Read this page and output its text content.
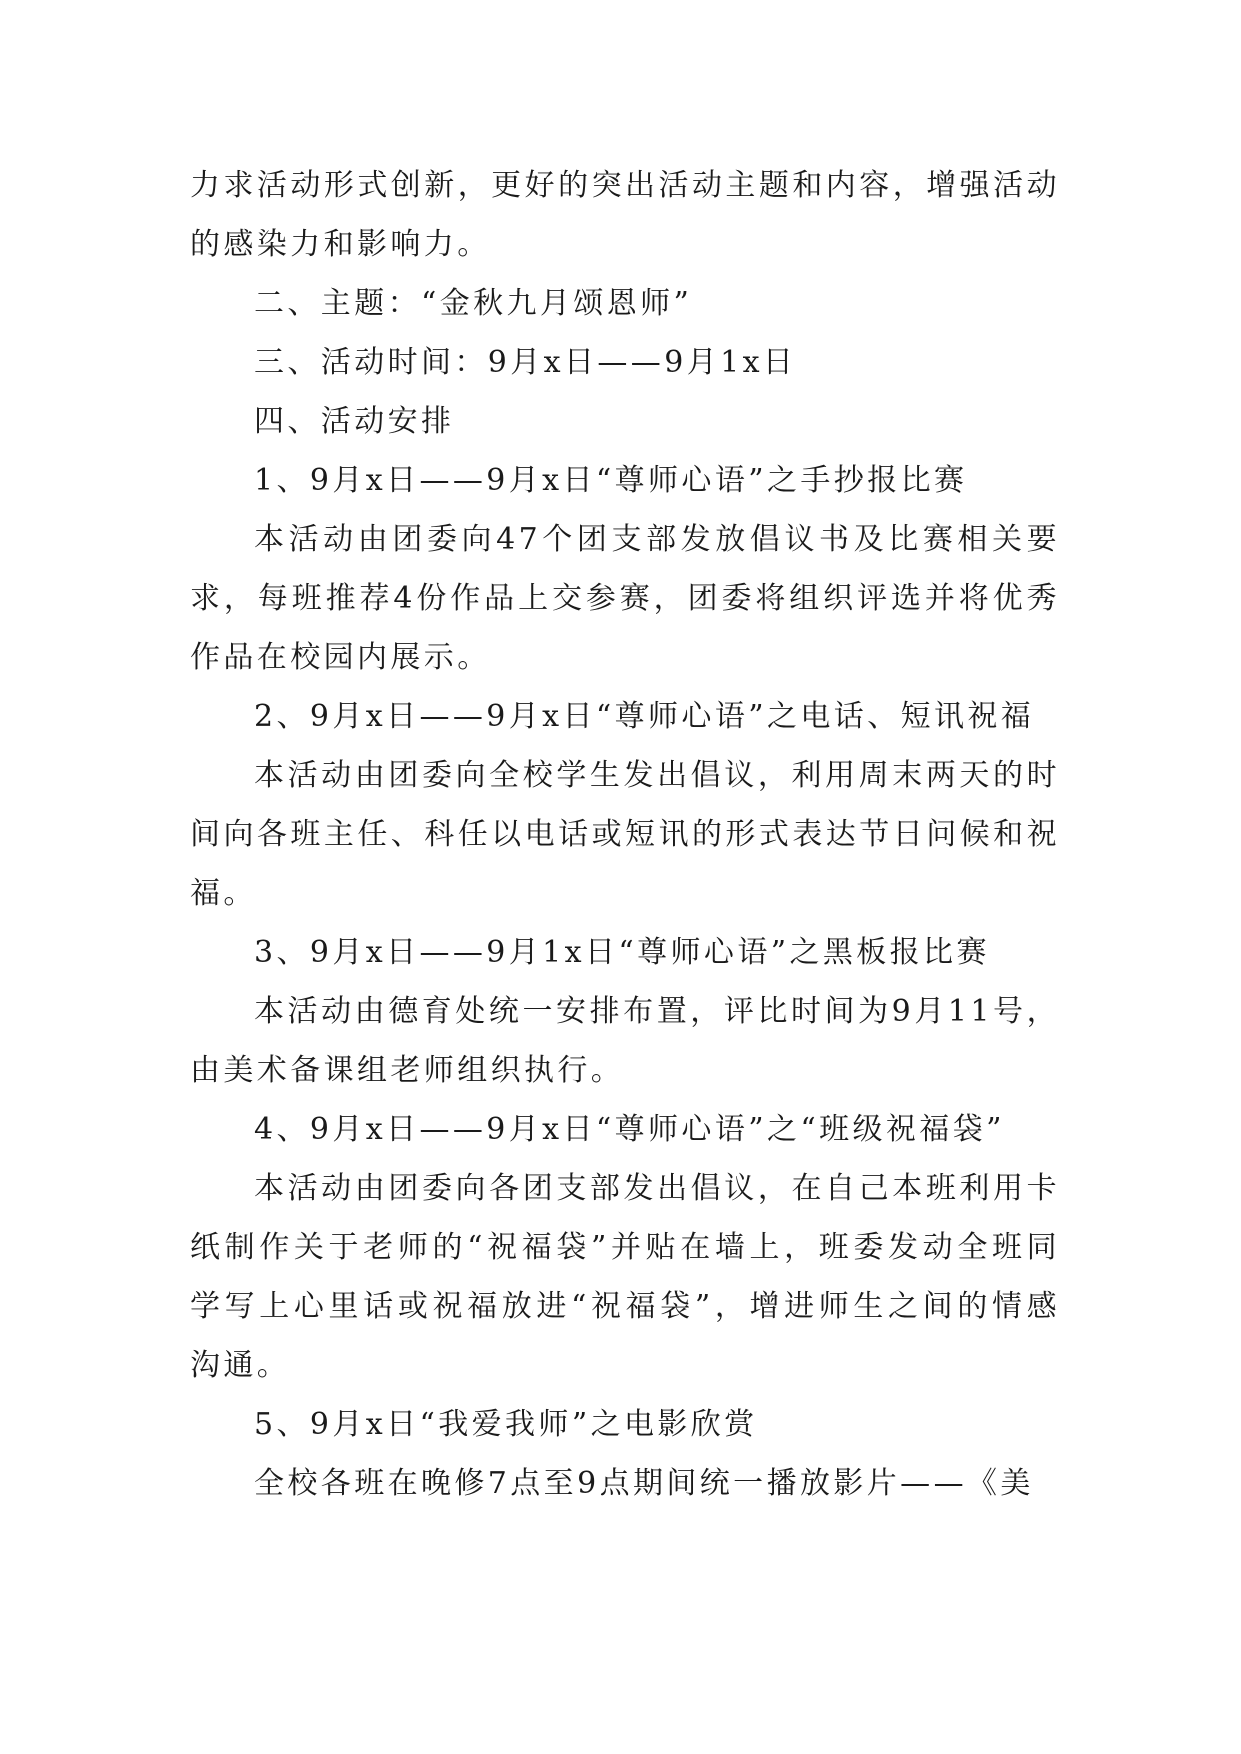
力求活动形式创新，更好的突出活动主题和内容，增强活动的感染力和影响力。

二、主题：“金秋九月颂恩师”

三、活动时间：9月x日——9月1x日

四、活动安排

1、9月x日——9月x日“尊师心语”之手抄报比赛

本活动由团委向47个团支部发放倡议书及比赛相关要求，每班推荐4份作品上交参赛，团委将组织评选并将优秀作品在校园内展示。

2、9月x日——9月x日“尊师心语”之电话、短讯祝福

本活动由团委向全校学生发出倡议，利用周末两天的时间向各班主任、科任以电话或短讯的形式表达节日问候和祝福。

3、9月x日——9月1x日“尊师心语”之黑板报比赛

本活动由德育处统一安排布置，评比时间为9月11号，由美术备课组老师组织执行。

4、9月x日——9月x日“尊师心语”之“班级祝福袋”

本活动由团委向各团支部发出倡议，在自己本班利用卡纸制作关于老师的“祝福袋”并贴在墙上，班委发动全班同学写上心里话或祝福放进“祝福袋”，增进师生之间的情感沟通。

5、9月x日“我爱我师”之电影欣赏

全校各班在晚修7点至9点期间统一播放影片——《美
